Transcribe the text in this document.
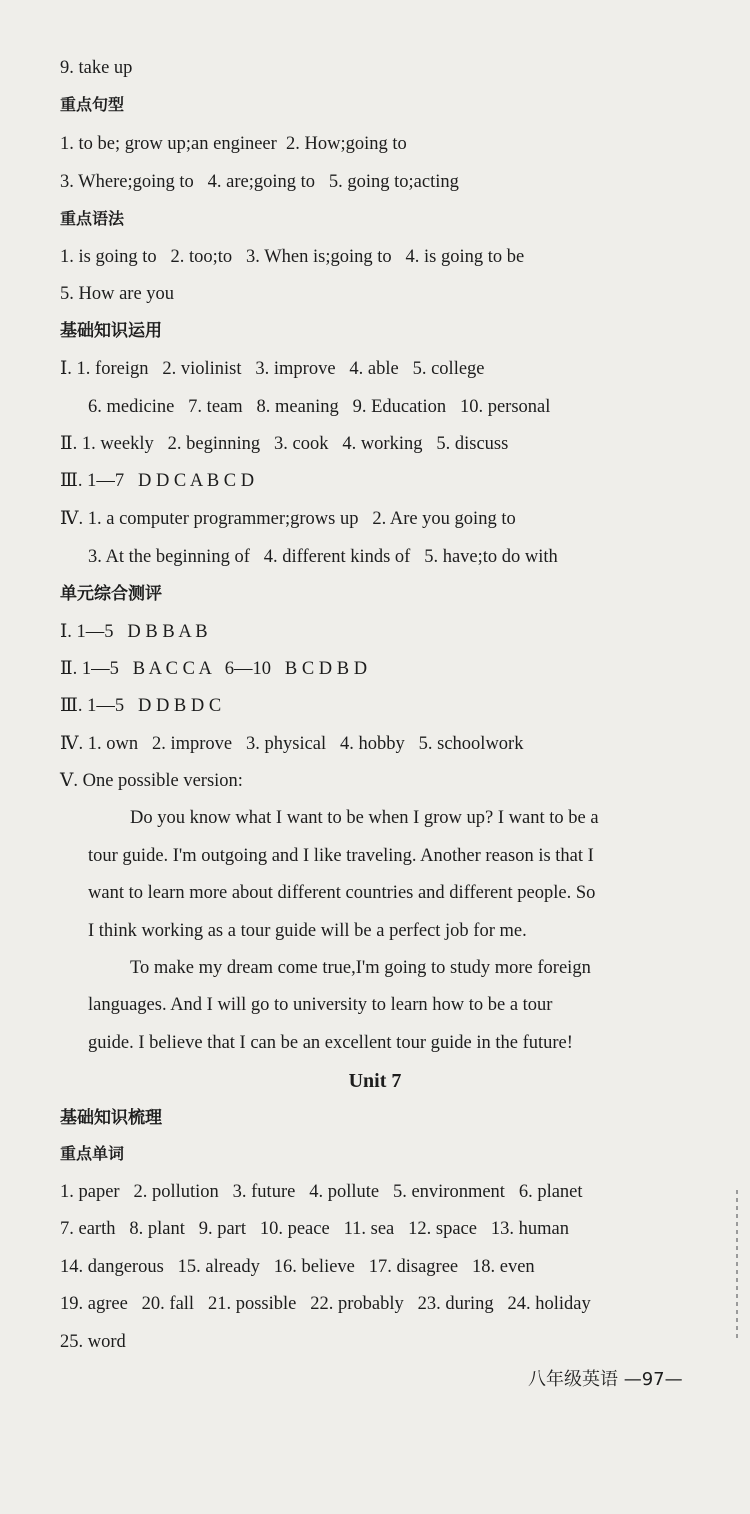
9. take up
重点句型
1. to be; grow up;an engineer  2. How;going to
3. Where;going to   4. are;going to   5. going to;acting
重点语法
1. is going to   2. too;to   3. When is;going to   4. is going to be
5. How are you
基础知识运用
Ⅰ. 1. foreign   2. violinist   3. improve   4. able   5. college
6. medicine   7. team   8. meaning   9. Education   10. personal
Ⅱ. 1. weekly   2. beginning   3. cook   4. working   5. discuss
Ⅲ. 1—7   D D C A B C D
Ⅳ. 1. a computer programmer;grows up   2. Are you going to
3. At the beginning of   4. different kinds of   5. have;to do with
单元综合测评
Ⅰ. 1—5   D B B A B
Ⅱ. 1—5   B A C C A   6—10   B C D B D
Ⅲ. 1—5   D D B D C
Ⅳ. 1. own   2. improve   3. physical   4. hobby   5. schoolwork
Ⅴ. One possible version:
Do you know what I want to be when I grow up? I want to be a
tour guide. I'm outgoing and I like traveling. Another reason is that I
want to learn more about different countries and different people. So
I think working as a tour guide will be a perfect job for me.
To make my dream come true,I'm going to study more foreign
languages. And I will go to university to learn how to be a tour
guide. I believe that I can be an excellent tour guide in the future!
Unit 7
基础知识梳理
重点单词
1. paper   2. pollution   3. future   4. pollute   5. environment   6. planet
7. earth   8. plant   9. part   10. peace   11. sea   12. space   13. human
14. dangerous   15. already   16. believe   17. disagree   18. even
19. agree   20. fall   21. possible   22. probably   23. during   24. holiday
25. word
八年级英语 —97—
